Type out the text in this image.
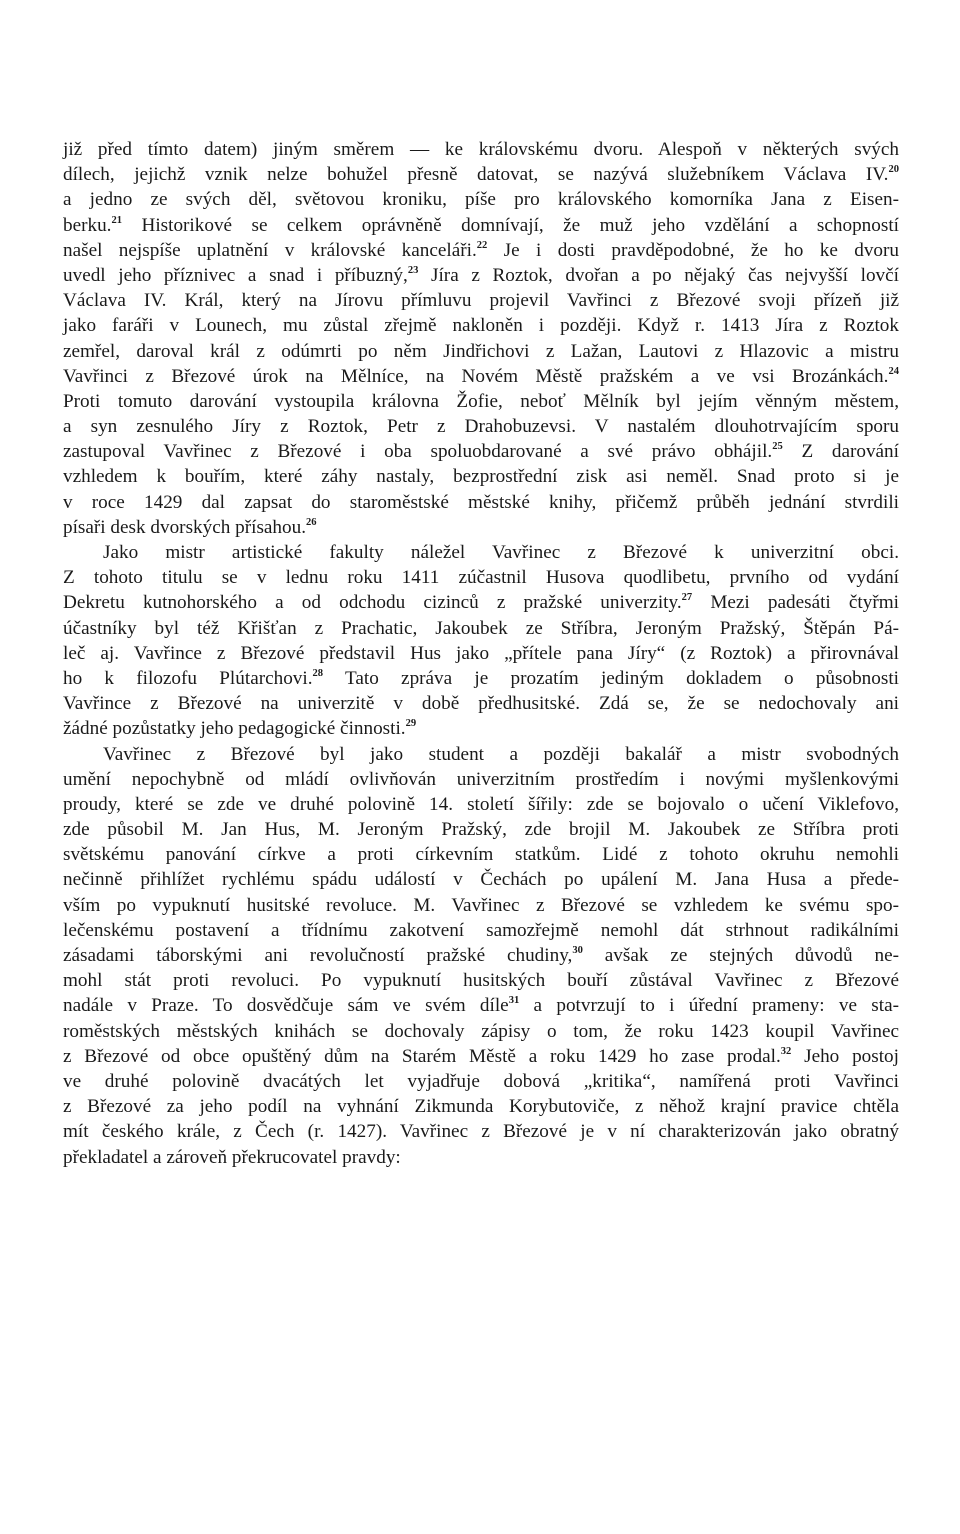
již před tímto datem) jiným směrem — ke královskému dvoru. Alespoň v některých svých
dílech, jejichž vznik nelze bohužel přesně datovat, se nazývá služebníkem Václava IV.$^{20}$
a jedno ze svých děl, světovou kroniku, píše pro královského komorníka Jana z Eisen-
berku.$^{21}$ Historikové se celkem oprávněně domnívají, že muž jeho vzdělání a schopností
našel nejspíše uplatnění v královské kanceláři.$^{22}$ Je i dosti pravděpodobné, že ho ke dvoru
uvedl jeho příznivec a snad i příbuzný,$^{23}$ Jíra z Roztok, dvořan a po nějaký čas nejvyšší lovčí
Václava IV. Král, který na Jírovu přímluvu projevil Vavřinci z Březové svoji přízeň již
jako faráři v Lounech, mu zůstal zřejmě nakloněn i později. Když r. 1413 Jíra z Roztok
zemřel, daroval král z odúmrti po něm Jindřichovi z Lažan, Lautovi z Hlazovic a mistru
Vavřinci z Březové úrok na Mělníce, na Novém Městě pražském a ve vsi Brozánkách.$^{24}$
Proti tomuto darování vystoupila královna Žofie, neboť Mělník byl jejím věnným městem,
a syn zesnulého Jíry z Roztok, Petr z Drahobuzevsi. V nastalém dlouhotrvajícím sporu
zastupoval Vavřinec z Březové i oba spoluobdarované a své právo obhájil.$^{25}$ Z darování
vzhledem k bouřím, které záhy nastaly, bezprostřední zisk asi neměl. Snad proto si je
v roce 1429 dal zapsat do staroměstské městské knihy, přičemž průběh jednání stvrdili
písaři desk dvorských přísahou.$^{26}$
Jako mistr artistické fakulty náležel Vavřinec z Březové k univerzitní obci.
Z tohoto titulu se v lednu roku 1411 zúčastnil Husova quodlibetu, prvního od vydání
Dekretu kutnohorského a od odchodu cizinců z pražské univerzity.$^{27}$ Mezi padesáti čtyřmi
účastníky byl též Křišťan z Prachatic, Jakoubek ze Stříbra, Jeroným Pražský, Štěpán Pá-
leč aj. Vavřince z Březové představil Hus jako „přítele pana Jíry“ (z Roztok) a přirovnával
ho k filozofu Plútarchovi.$^{28}$ Tato zpráva je prozatím jediným dokladem o působnosti
Vavřince z Březové na univerzitě v době předhusitské. Zdá se, že se nedochovaly ani
žádné pozůstatky jeho pedagogické činnosti.$^{29}$
Vavřinec z Březové byl jako student a později bakalář a mistr svobodných
umění nepochybně od mládí ovlivňován univerzitním prostředím i novými myšlenkovými
proudy, které se zde ve druhé polovině 14. století šířily: zde se bojovalo o učení Viklefovo,
zde působil M. Jan Hus, M. Jeroným Pražský, zde brojil M. Jakoubek ze Stříbra proti
světskému panování církve a proti církevním statkům. Lidé z tohoto okruhu nemohli
nečinně přihlížet rychlému spádu událostí v Čechách po upálení M. Jana Husa a přede-
vším po vypuknutí husitské revoluce. M. Vavřinec z Březové se vzhledem ke svému spo-
lečenskému postavení a třídnímu zakotvení samozřejmě nemohl dát strhnout radikálními
zásadami táborskými ani revolučností pražské chudiny,$^{30}$ avšak ze stejných důvodů ne-
mohl stát proti revoluci. Po vypuknutí husitských bouří zůstával Vavřinec z Březové
nadále v Praze. To dosvědčuje sám ve svém díle$^{31}$ a potvrzují to i úřední prameny: ve sta-
roměstských městských knihách se dochovaly zápisy o tom, že roku 1423 koupil Vavřinec
z Březové od obce opuštěný dům na Starém Městě a roku 1429 ho zase prodal.$^{32}$ Jeho postoj
ve druhé polovině dvacátých let vyjadřuje dobová „kritika“, namířená proti Vavřinci
z Březové za jeho podíl na vyhnání Zikmunda Korybutoviče, z něhož krajní pravice chtěla
mít českého krále, z Čech (r. 1427). Vavřinec z Březové je v ní charakterizován jako obratný
překladatel a zároveň překrucovatel pravdy:
